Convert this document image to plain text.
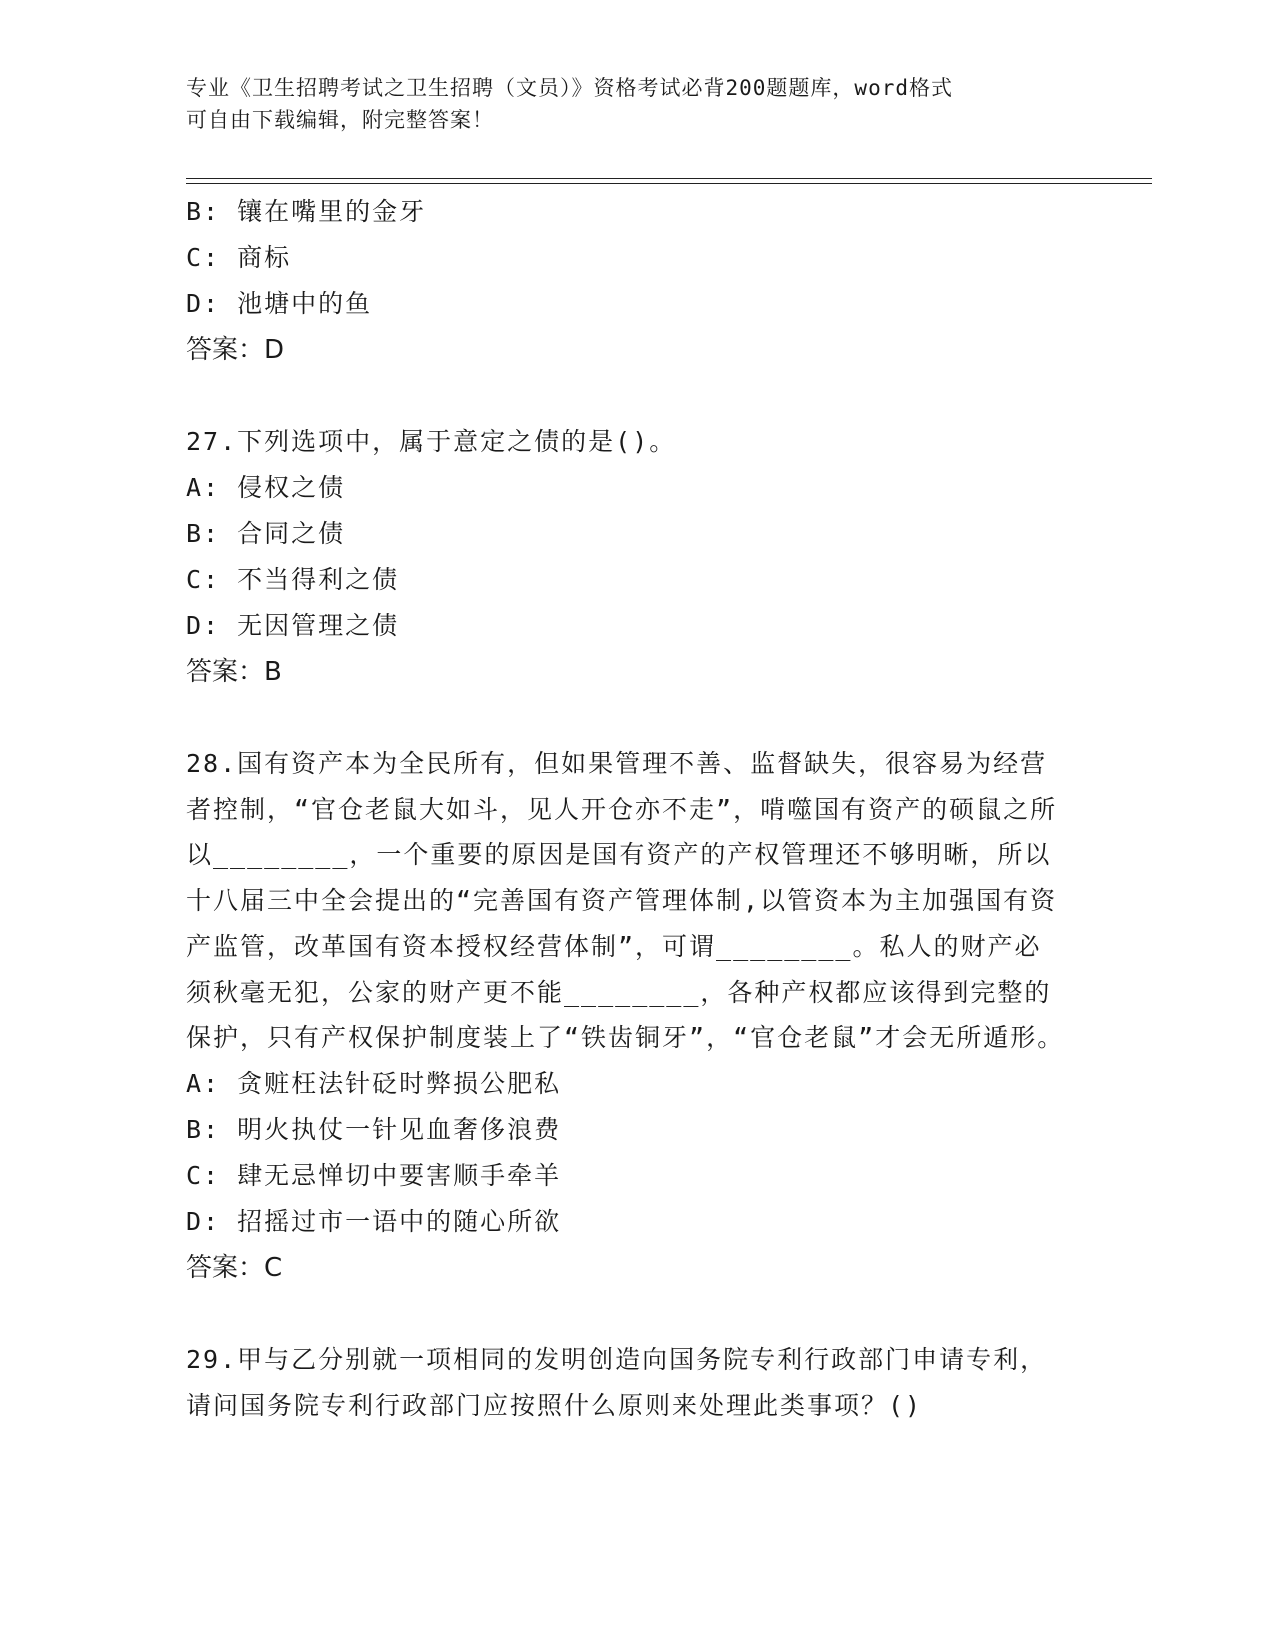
专业《卫生招聘考试之卫生招聘（文员）》资格考试必背200题题库，word格式
可自由下载编辑，附完整答案！
B: 镶在嘴里的金牙
C: 商标
D: 池塘中的鱼
答案：D
27.下列选项中，属于意定之债的是()。
A: 侵权之债
B: 合同之债
C: 不当得利之债
D: 无因管理之债
答案：B
28.国有资产本为全民所有，但如果管理不善、监督缺失，很容易为经营者控制，“官仓老鼠大如斗，见人开仓亦不走”，啃噬国有资产的硕鼠之所以________，一个重要的原因是国有资产的产权管理还不够明晰，所以十八届三中全会提出的“完善国有资产管理体制,以管资本为主加强国有资产监管，改革国有资本授权经营体制”，可谓________。私人的财产必须秋毫无犯，公家的财产更不能________，各种产权都应该得到完整的保护，只有产权保护制度装上了“铁齿铜牙”，“官仓老鼠”才会无所遁形。
A: 贪赃枉法针砭时弊损公肥私
B: 明火执仗一针见血奢侈浪费
C: 肆无忌惮切中要害顺手牵羊
D: 招摇过市一语中的随心所欲
答案：C
29.甲与乙分别就一项相同的发明创造向国务院专利行政部门申请专利，请问国务院专利行政部门应按照什么原则来处理此类事项？()
